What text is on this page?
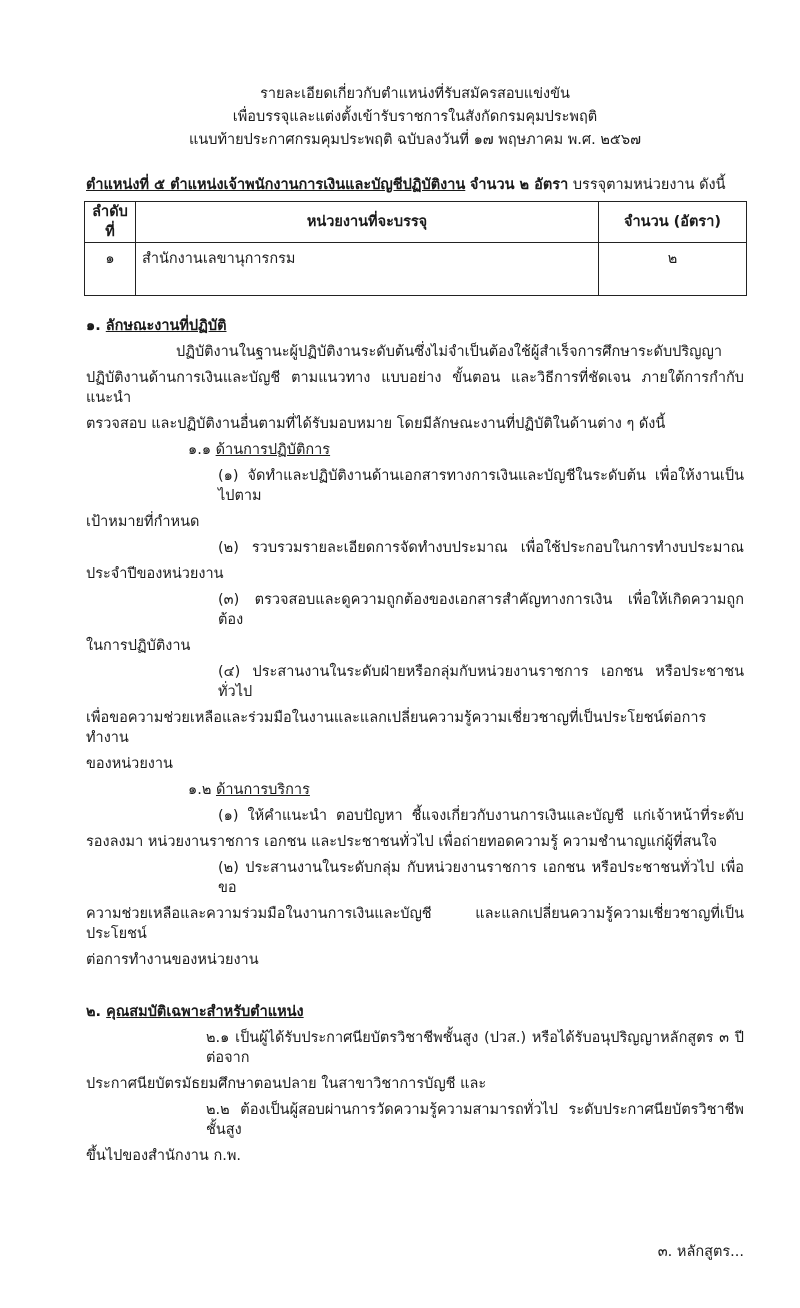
รายละเอียดเกี่ยวกับตำแหน่งที่รับสมัครสอบแข่งขัน
เพื่อบรรจุและแต่งตั้งเข้ารับราชการในสังกัดกรมคุมประพฤติ
แนบท้ายประกาศกรมคุมประพฤติ ฉบับลงวันที่ ๑๗ พฤษภาคม พ.ศ. ๒๕๖๗
ตำแหน่งที่ ๕ ตำแหน่งเจ้าพนักงานการเงินและบัญชีปฏิบัติงาน จำนวน ๒ อัตรา บรรจุตามหน่วยงาน ดังนี้
ลำดับที่	หน่วยงานที่จะบรรจุ	จำนวน (อัตรา)
๑	สำนักงานเลขานุการกรม	๒
๑. ลักษณะงานที่ปฏิบัติ
ปฏิบัติงานในฐานะผู้ปฏิบัติงานระดับต้นซึ่งไม่จำเป็นต้องใช้ผู้สำเร็จการศึกษาระดับปริญญา
ปฏิบัติงานด้านการเงินและบัญชี ตามแนวทาง แบบอย่าง ขั้นตอน และวิธีการที่ชัดเจน ภายใต้การกำกับ แนะนำ
ตรวจสอบ และปฏิบัติงานอื่นตามที่ได้รับมอบหมาย โดยมีลักษณะงานที่ปฏิบัติในด้านต่าง ๆ ดังนี้
๑.๑ ด้านการปฏิบัติการ
(๑) จัดทำและปฏิบัติงานด้านเอกสารทางการเงินและบัญชีในระดับต้น เพื่อให้งานเป็นไปตาม
เป้าหมายที่กำหนด
(๒) รวบรวมรายละเอียดการจัดทำงบประมาณ เพื่อใช้ประกอบในการทำงบประมาณ
ประจำปีของหน่วยงาน
(๓) ตรวจสอบและดูความถูกต้องของเอกสารสำคัญทางการเงิน เพื่อให้เกิดความถูกต้อง
ในการปฏิบัติงาน
(๔) ประสานงานในระดับฝ่ายหรือกลุ่มกับหน่วยงานราชการ เอกชน หรือประชาชนทั่วไป
เพื่อขอความช่วยเหลือและร่วมมือในงานและแลกเปลี่ยนความรู้ความเชี่ยวชาญที่เป็นประโยชน์ต่อการทำงาน
ของหน่วยงาน
๑.๒ ด้านการบริการ
(๑) ให้คำแนะนำ ตอบปัญหา ชี้แจงเกี่ยวกับงานการเงินและบัญชี แก่เจ้าหน้าที่ระดับ
รองลงมา หน่วยงานราชการ เอกชน และประชาชนทั่วไป เพื่อถ่ายทอดความรู้ ความชำนาญแก่ผู้ที่สนใจ
(๒) ประสานงานในระดับกลุ่ม กับหน่วยงานราชการ เอกชน หรือประชาชนทั่วไป เพื่อขอ
ความช่วยเหลือและความร่วมมือในงานการเงินและบัญชี และแลกเปลี่ยนความรู้ความเชี่ยวชาญที่เป็นประโยชน์
ต่อการทำงานของหน่วยงาน
๒. คุณสมบัติเฉพาะสำหรับตำแหน่ง
๒.๑ เป็นผู้ได้รับประกาศนียบัตรวิชาชีพชั้นสูง (ปวส.) หรือได้รับอนุปริญญาหลักสูตร ๓ ปี ต่อจาก
ประกาศนียบัตรมัธยมศึกษาตอนปลาย ในสาขาวิชาการบัญชี และ
๒.๒ ต้องเป็นผู้สอบผ่านการวัดความรู้ความสามารถทั่วไป ระดับประกาศนียบัตรวิชาชีพชั้นสูง
ขึ้นไปของสำนักงาน ก.พ.
๓. หลักสูตร...
